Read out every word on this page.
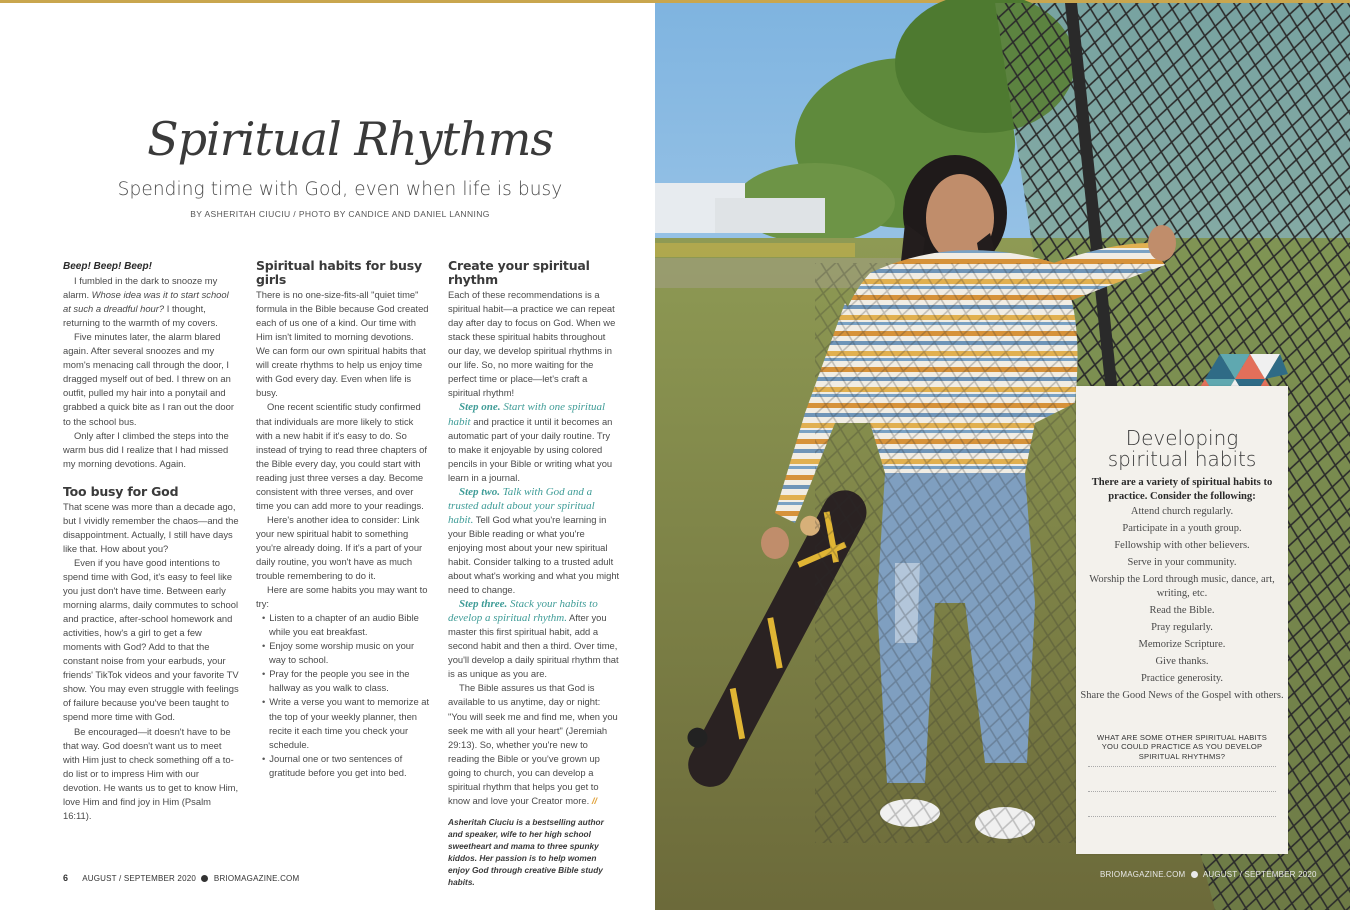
Spiritual Rhythms
Spending time with God, even when life is busy
BY ASHERITAH CIUCIU / PHOTO BY CANDICE AND DANIEL LANNING

Beep! Beep! Beep!

I fumbled in the dark to snooze my alarm. Whose idea was it to start school at such a dreadful hour? I thought, returning to the warmth of my covers.

Five minutes later, the alarm blared again. After several snoozes and my mom's menacing call through the door, I dragged myself out of bed. I threw on an outfit, pulled my hair into a ponytail and grabbed a quick bite as I ran out the door to the school bus.

Only after I climbed the steps into the warm bus did I realize that I had missed my morning devotions. Again.

Too busy for God

That scene was more than a decade ago, but I vividly remember the chaos—and the disappointment. Actually, I still have days like that. How about you?

Even if you have good intentions to spend time with God, it's easy to feel like you just don't have time. Between early morning alarms, daily commutes to school and practice, after-school homework and activities, how's a girl to get a few moments with God? Add to that the constant noise from your earbuds, your friends' TikTok videos and your favorite TV show. You may even struggle with feelings of failure because you've been taught to spend more time with God.

Be encouraged—it doesn't have to be that way. God doesn't want us to meet with Him just to check something off a to-do list or to impress Him with our devotion. He wants us to get to know Him, love Him and find joy in Him (Psalm 16:11).

Spiritual habits for busy girls

There is no one-size-fits-all "quiet time" formula in the Bible because God created each of us one of a kind. Our time with Him isn't limited to morning devotions. We can form our own spiritual habits that will create rhythms to help us enjoy time with God every day. Even when life is busy.

One recent scientific study confirmed that individuals are more likely to stick with a new habit if it's easy to do. So instead of trying to read three chapters of the Bible every day, you could start with reading just three verses a day. Become consistent with three verses, and over time you can add more to your readings.

Here's another idea to consider: Link your new spiritual habit to something you're already doing. If it's a part of your daily routine, you won't have as much trouble remembering to do it.

Here are some habits you may want to try:

• Listen to a chapter of an audio Bible while you eat breakfast.
• Enjoy some worship music on your way to school.
• Pray for the people you see in the hallway as you walk to class.
• Write a verse you want to memorize at the top of your weekly planner, then recite it each time you check your schedule.
• Journal one or two sentences of gratitude before you get into bed.
Create your spiritual rhythm

Each of these recommendations is a spiritual habit—a practice we can repeat day after day to focus on God. When we stack these spiritual habits throughout our day, we develop spiritual rhythms in our life. So, no more waiting for the perfect time or place—let's craft a spiritual rhythm!

Step one. Start with one spiritual habit and practice it until it becomes an automatic part of your daily routine. Try to make it enjoyable by using colored pencils in your Bible or writing what you learn in a journal.

Step two. Talk with God and a trusted adult about your spiritual habit. Tell God what you're learning in your Bible reading or what you're enjoying most about your new spiritual habit. Consider talking to a trusted adult about what's working and what you might need to change.

Step three. Stack your habits to develop a spiritual rhythm. After you master this first spiritual habit, add a second habit and then a third. Over time, you'll develop a daily spiritual rhythm that is as unique as you are.

The Bible assures us that God is available to us anytime, day or night: "You will seek me and find me, when you seek me with all your heart" (Jeremiah 29:13). So, whether you're new to reading the Bible or you've grown up going to church, you can develop a spiritual rhythm that helps you get to know and love your Creator more. //

Asheritah Ciuciu is a bestselling author and speaker, wife to her high school sweetheart and mama to three spunky kiddos. Her passion is to help women enjoy God through creative Bible study habits.

6 AUGUST / SEPTEMBER 2020 BRIOMAGAZINE.COM
Developing
spiritual habits
There are a variety of spiritual habits to practice. Consider the following:
Attend church regularly.
Participate in a youth group.
Fellowship with other believers.
Serve in your community.
Worship the Lord through music, dance, art, writing, etc.
Read the Bible.
Pray regularly.
Memorize Scripture.
Give thanks.
Practice generosity.
Share the Good News of the Gospel with others.
WHAT ARE SOME OTHER SPIRITUAL HABITS YOU COULD PRACTICE AS YOU DEVELOP SPIRITUAL RHYTHMS?
BRIOMAGAZINE.COM AUGUST / SEPTEMBER 2020
